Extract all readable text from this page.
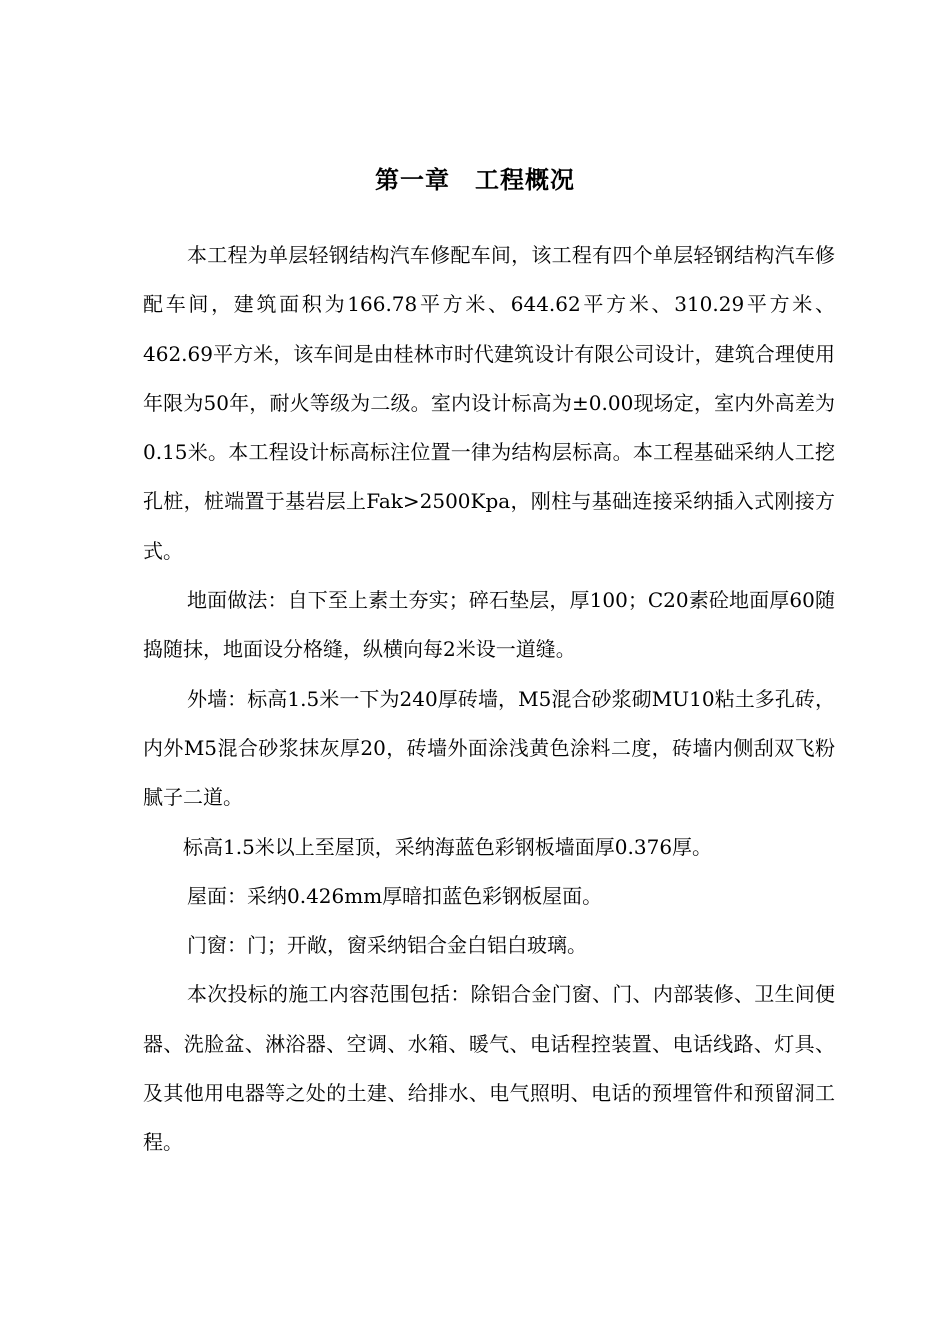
第一章　工程概况

本工程为单层轻钢结构汽车修配车间，该工程有四个单层轻钢结构汽车修配车间，建筑面积为166.78平方米、644.62平方米、310.29平方米、462.69平方米，该车间是由桂林市时代建筑设计有限公司设计，建筑合理使用年限为50年，耐火等级为二级。室内设计标高为±0.00现场定，室内外高差为0.15米。本工程设计标高标注位置一律为结构层标高。本工程基础采纳人工挖孔桩，桩端置于基岩层上Fak>2500Kpa，刚柱与基础连接采纳插入式刚接方式。

地面做法：自下至上素土夯实；碎石垫层，厚100；C20素砼地面厚60随捣随抹，地面设分格缝，纵横向每2米设一道缝。

外墙：标高1.5米一下为240厚砖墙，M5混合砂浆砌MU10粘土多孔砖，内外M5混合砂浆抹灰厚20，砖墙外面涂浅黄色涂料二度，砖墙内侧刮双飞粉腻子二道。

标高1.5米以上至屋顶，采纳海蓝色彩钢板墙面厚0.376厚。

屋面：采纳0.426mm厚暗扣蓝色彩钢板屋面。

门窗：门；开敞，窗采纳铝合金白铝白玻璃。

本次投标的施工内容范围包括：除铝合金门窗、门、内部装修、卫生间便器、洗脸盆、淋浴器、空调、水箱、暖气、电话程控装置、电话线路、灯具、及其他用电器等之处的土建、给排水、电气照明、电话的预埋管件和预留洞工程。
